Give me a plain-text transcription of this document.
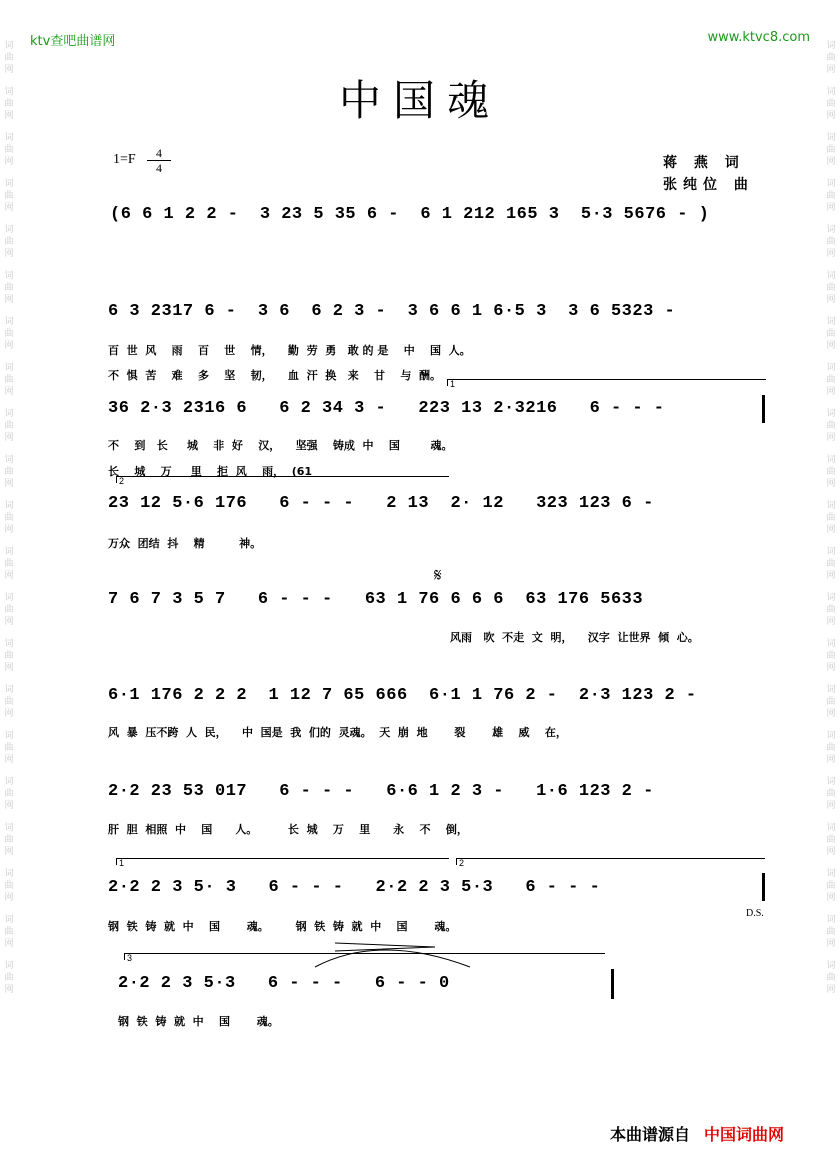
ktv查吧曲谱网	www.ktvc8.com
词
曲
网
词
曲
网
词
曲
网
词
曲
网
词
曲
网
词
曲
网
词
曲
网
词
曲
网
词
曲
网
词
曲
网
词
曲
网
词
曲
网
词
曲
网
词
曲
网
词
曲
网
词
曲
网
词
曲
网
词
曲
网
词
曲
网
词
曲
网
词
曲
网
词
曲
网
词
曲
网
词
曲
网
词
曲
网
词
曲
网
词
曲
网
词
曲
网
词
曲
网
词
曲
网
词
曲
网
词
曲
网
词
曲
网
词
曲
网
词
曲
网
词
曲
网
词
曲
网
词
曲
网
词
曲
网
词
曲
网
词
曲
网
词
曲
网
中国魂
1=F	4
4	蒋 燕 词
张纯位 曲
(6 6 1 2 2 -  3 23 5 35 6 -  6 1 212 165 3  5·3 5676 - )
6 3 2317 6 -  3 6  6 2 3 -  3 6 6 1 6·5 3  3 6 5323 -
百  世  风    雨    百    世    情，    勤  劳  勇   敢 的 是    中    国  人。
不  惧  苦    难    多    坚    韧，    血  汗  换   来    甘    与  酬。
1
36 2·3 2316 6   6 2 34 3 -   223 13 2·3216   6 - - -
不    到   长     城    非  好    汉，    坚强    铸成  中    国        魂。
长    城    万     里    拒  风    雨，  (61
2
23 12 5·6 176   6 - - -   2 13  2· 12   323 123 6 -
万众  团结  抖    精         神。
𝄋
7 6 7 3 5 7   6 - - -   63 1 76 6 6 6  63 176 5633
风雨   吹  不走  文  明，    汉字  让世界  倾  心。
6·1 176 2 2 2  1 12 7 65 666  6·1 1 76 2 -  2·3 123 2 -
风  暴  压不跨  人  民，    中  国是  我  们的  灵魂。  天  崩  地       裂       雄    威    在，
2·2 23 53 017   6 - - -   6·6 1 2 3 -   1·6 123 2 -
肝  胆  相照  中    国      人。        长  城    万    里      永    不    倒，
1	2
2·2 2 3 5· 3   6 - - -   2·2 2 3 5·3   6 - - -
D.S.
钢  铁  铸  就  中    国       魂。       钢  铁  铸  就  中    国       魂。
3
2·2 2 3 5·3   6 - - -   6 - - 0
钢  铁  铸  就  中    国       魂。
本曲谱源自 中国词曲网
